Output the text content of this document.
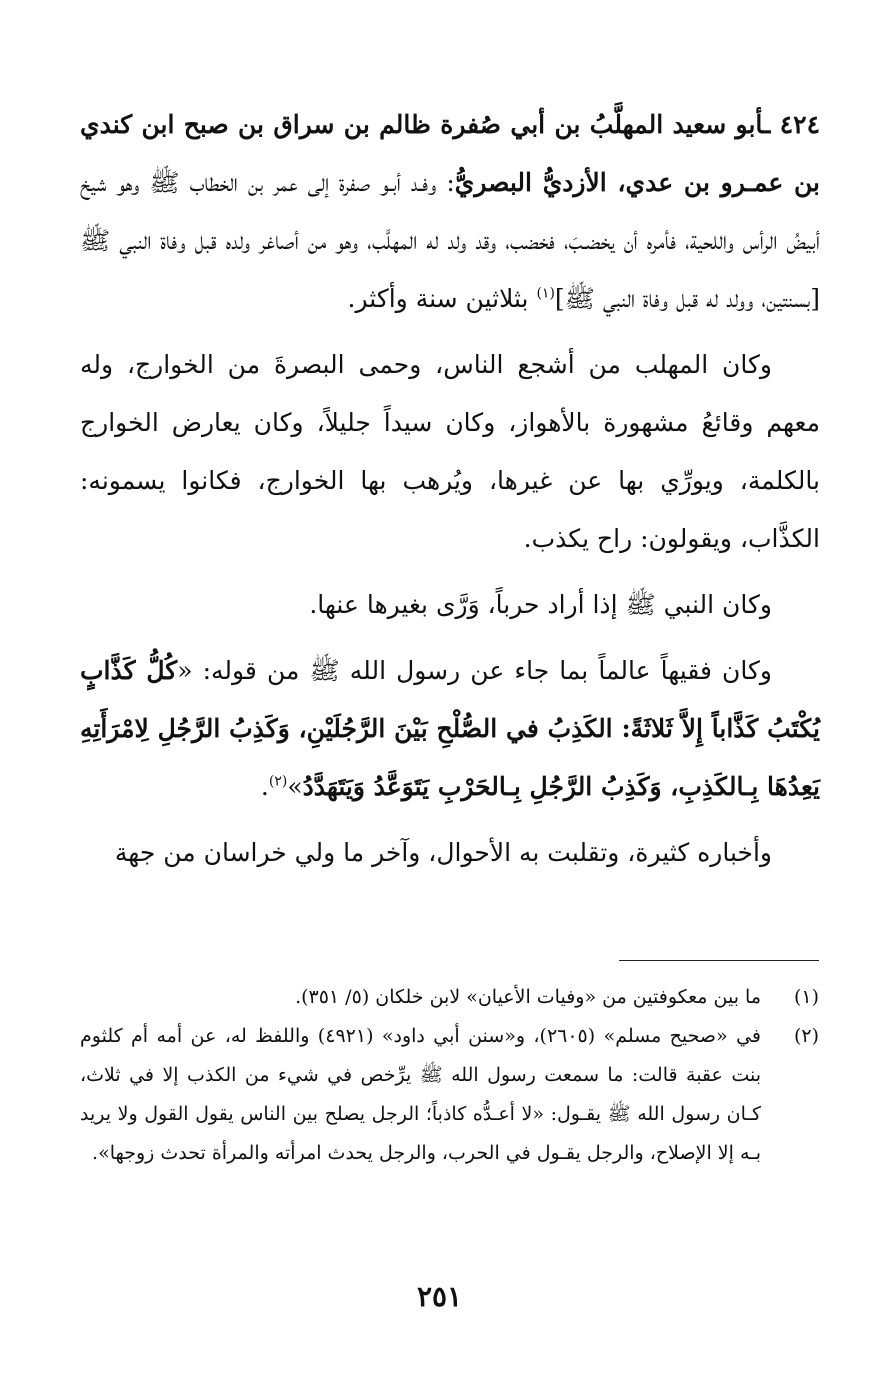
٤٢٤ ـأبو سعيد المهلَّبُ بن أبي صُفرة ظالم بن سراق بن صبح ابن كندي بن عمـرو بن عدي، الأزديُّ البصريُّ: وفـد أبـو صفرة إلى عمر بن الخطاب ﷺ وهو شيخ أبيضُ الرأس واللحية، فأمره أن يخضـبَ، فخضب، وقد ولد له المهلَّب، وهو من أصاغر ولده قبل وفاة النبي ﷺ [بسنتين، وولد له قبل وفاة النبي ﷺ]$^{(١)}$ بثلاثين سنة وأكثر.

وكان المهلب من أشجع الناس، وحمى البصرةَ من الخوارج، وله معهم وقائعُ مشهورة بالأهواز، وكان سيداً جليلاً، وكان يعارض الخوارج بالكلمة، ويورِّي بها عن غيرها، ويُرهب بها الخوارج، فكانوا يسمونه: الكذَّاب، ويقولون: راح يكذب.

وكان النبي ﷺ إذا أراد حرباً، وَرَّى بغيرها عنها.

وكان فقيهاً عالماً بما جاء عن رسول الله ﷺ من قوله: «كُلُّ كَذَّابٍ يُكْتَبُ كَذَّاباً إِلاَّ ثَلاثَةً: الكَذِبُ في الصُّلْحِ بَيْنَ الرَّجُلَيْنِ، وَكَذِبُ الرَّجُلِ لِامْرَأَتِهِ يَعِدُهَا بِـالكَذِبِ، وَكَذِبُ الرَّجُلِ بِـالحَرْبِ يَتَوَعَّدُ وَيَتَهَدَّدُ»$^{(٢)}$.

وأخباره كثيرة، وتقلبت به الأحوال، وآخر ما ولي خراسان من جهة

(١)
ما بين معكوفتين من «وفيات الأعيان» لابن خلكان (٥/ ٣٥١).
(٢)
في «صحيح مسلم» (٢٦٠٥)، و«سنن أبي داود» (٤٩٢١) واللفظ له، عن أمه أم كلثوم بنت عقبة قالت: ما سمعت رسول الله ﷺ يرِّخص في شيء من الكذب إلا في ثلاث، كـان رسول الله ﷺ يقـول: «لا أعـدُّه كاذباً؛ الرجل يصلح بين الناس يقول القول ولا يريد بـه إلا الإصلاح، والرجل يقـول في الحرب، والرجل يحدث امرأته والمرأة تحدث زوجها».
٢٥١
